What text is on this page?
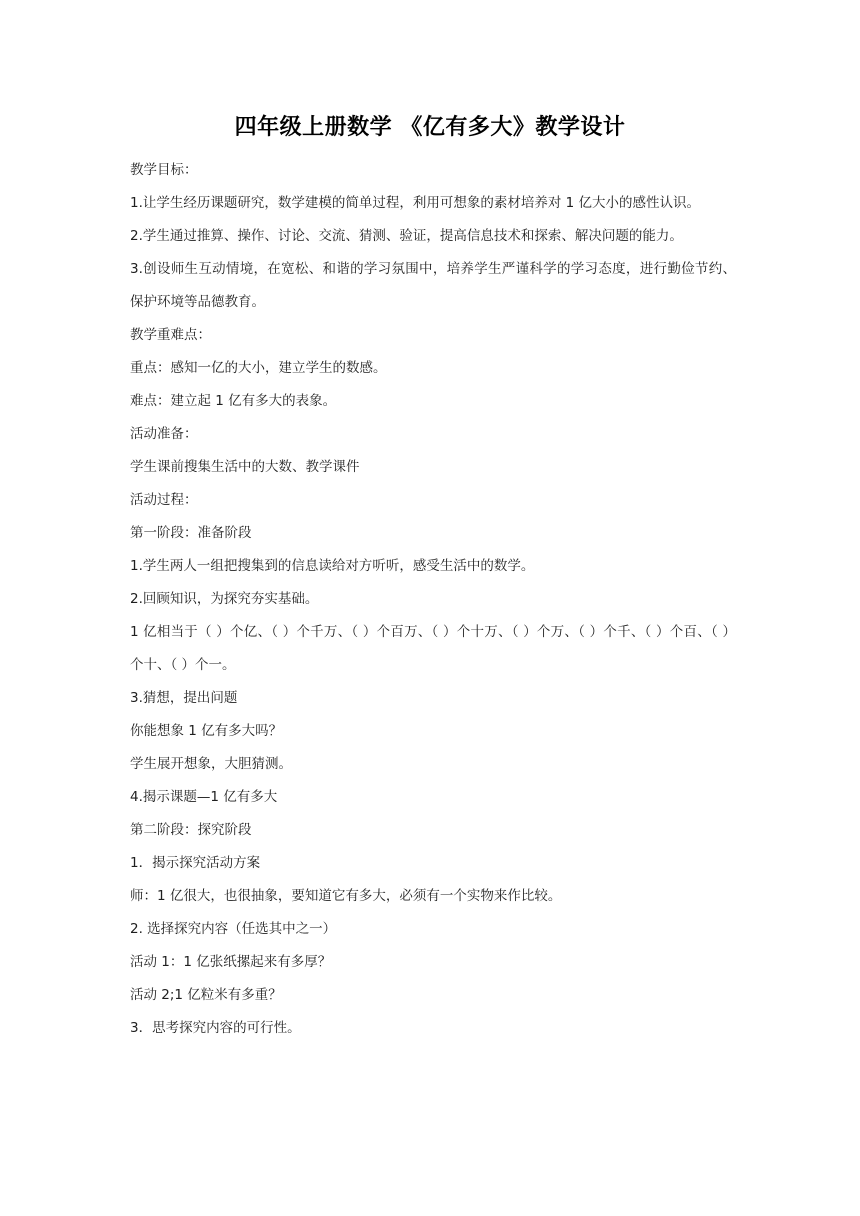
四年级上册数学 《亿有多大》教学设计

教学目标：

1.让学生经历课题研究，数学建模的简单过程，利用可想象的素材培养对 1 亿大小的感性认识。

2.学生通过推算、操作、讨论、交流、猜测、验证，提高信息技术和探索、解决问题的能力。

3.创设师生互动情境，在宽松、和谐的学习氛围中，培养学生严谨科学的学习态度，进行勤俭节约、保护环境等品德教育。

教学重难点：

重点：感知一亿的大小，建立学生的数感。

难点：建立起 1 亿有多大的表象。

活动准备：

学生课前搜集生活中的大数、教学课件

活动过程：

第一阶段：准备阶段

1.学生两人一组把搜集到的信息读给对方听听，感受生活中的数学。

2.回顾知识，为探究夯实基础。

1 亿相当于（ ）个亿、（ ）个千万、（ ）个百万、（ ）个十万、（ ）个万、（ ）个千、（ ）个百、（ ）个十、（ ）个一。

3.猜想，提出问题

你能想象 1 亿有多大吗？

学生展开想象，大胆猜测。

4.揭示课题—1 亿有多大

第二阶段：探究阶段

1．揭示探究活动方案

师：1 亿很大，也很抽象，要知道它有多大，必须有一个实物来作比较。

2. 选择探究内容（任选其中之一）

活动 1：1 亿张纸摞起来有多厚？

活动 2;1 亿粒米有多重？

3．思考探究内容的可行性。
